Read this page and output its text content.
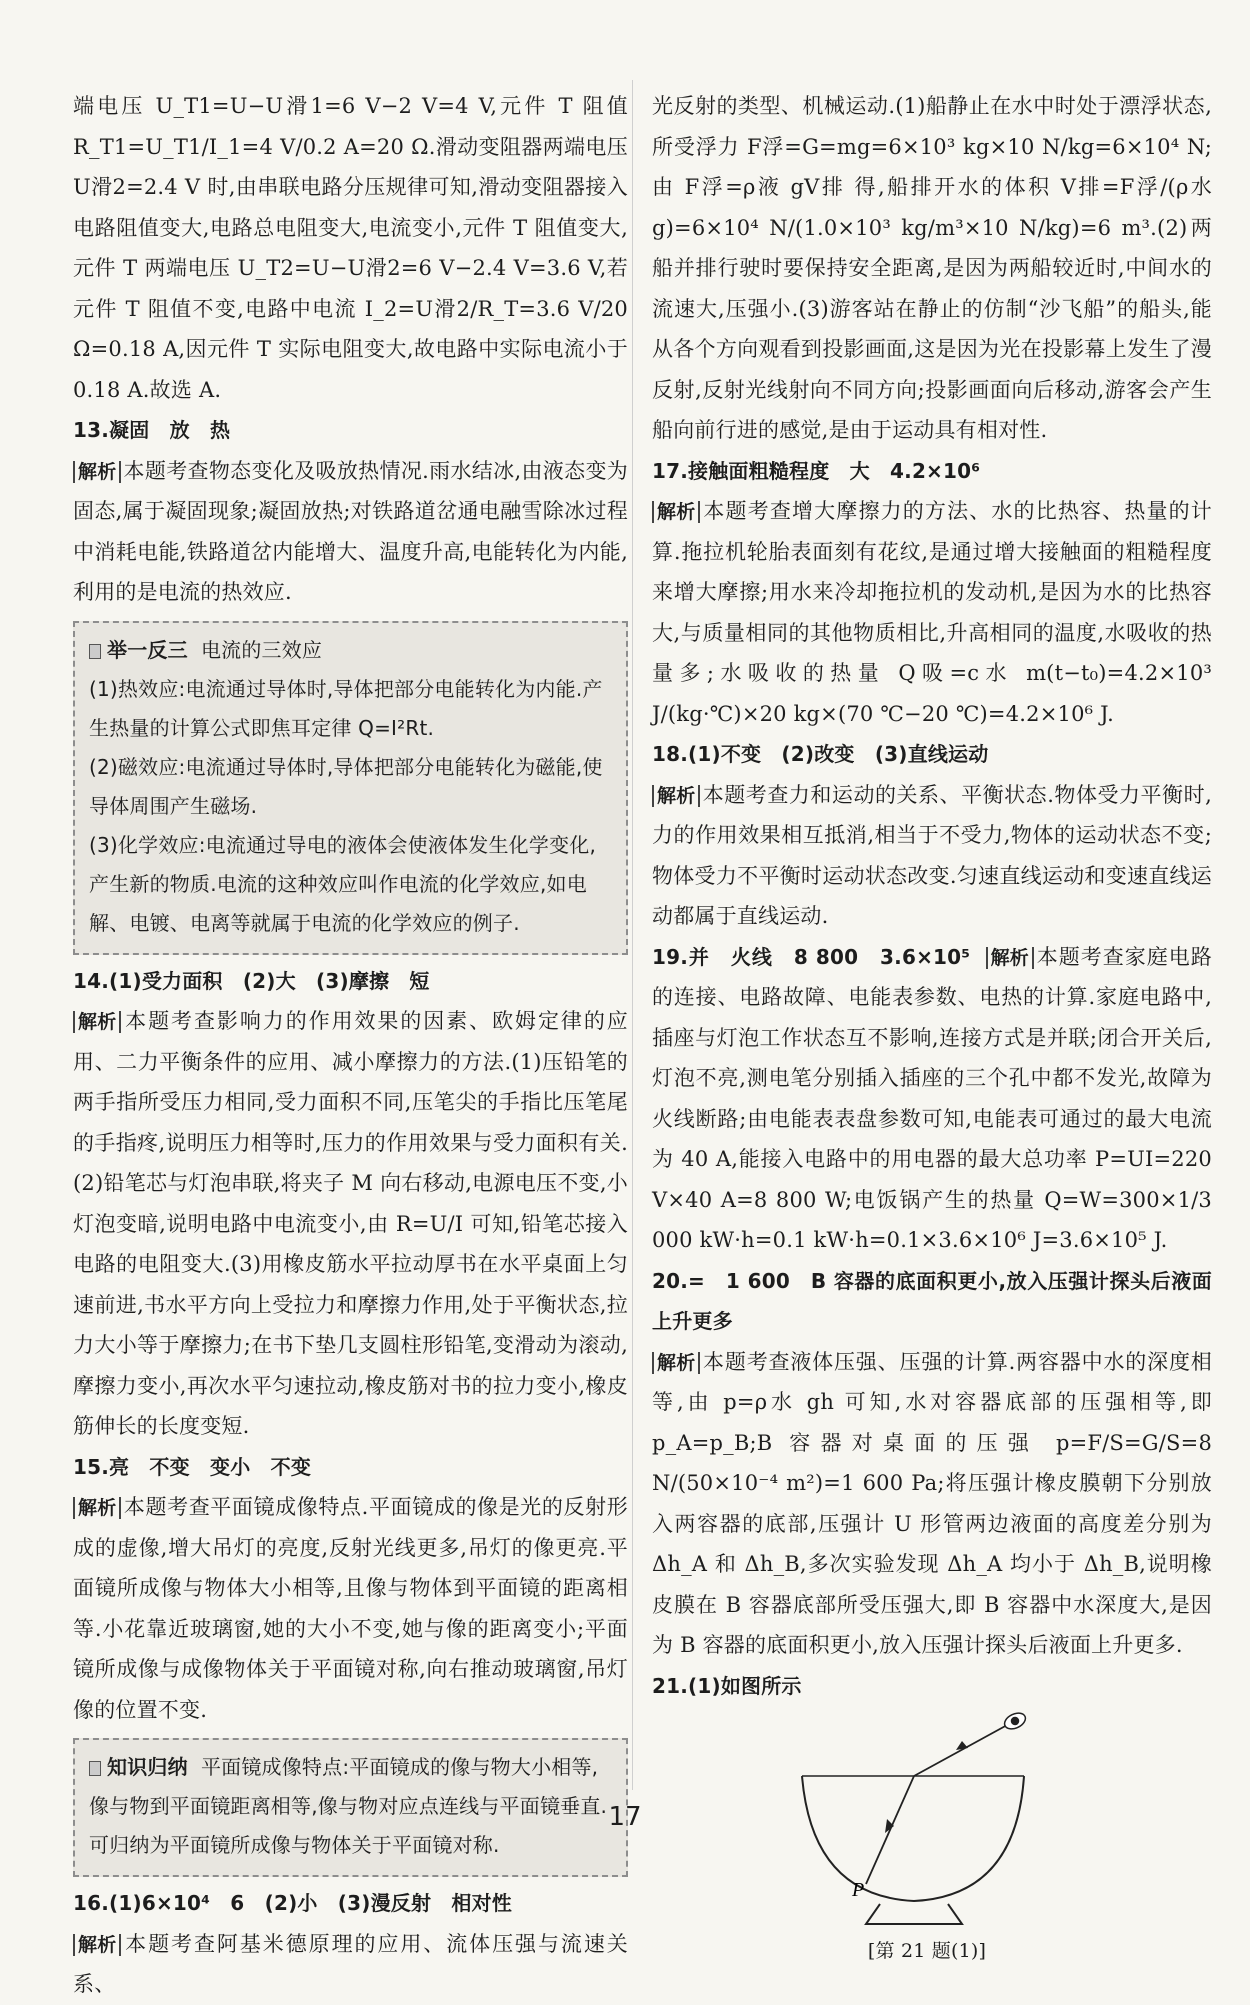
端电压 U_T1=U−U滑1=6 V−2 V=4 V,元件 T 阻值 R_T1=U_T1/I_1=4 V/0.2 A=20 Ω.滑动变阻器两端电压 U滑2=2.4 V 时,由串联电路分压规律可知,滑动变阻器接入电路阻值变大,电路总电阻变大,电流变小,元件 T 阻值变大,元件 T 两端电压 U_T2=U−U滑2=6 V−2.4 V=3.6 V,若元件 T 阻值不变,电路中电流 I_2=U滑2/R_T=3.6 V/20 Ω=0.18 A,因元件 T 实际电阻变大,故电路中实际电流小于 0.18 A.故选 A.

13.凝固　放　热

解析 本题考查物态变化及吸放热情况.雨水结冰,由液态变为固态,属于凝固现象;凝固放热;对铁路道岔通电融雪除冰过程中消耗电能,铁路道岔内能增大、温度升高,电能转化为内能,利用的是电流的热效应.

举一反三 电流的三效应
(1)热效应:电流通过导体时,导体把部分电能转化为内能.产生热量的计算公式即焦耳定律 Q=I²Rt.
(2)磁效应:电流通过导体时,导体把部分电能转化为磁能,使导体周围产生磁场.
(3)化学效应:电流通过导电的液体会使液体发生化学变化,产生新的物质.电流的这种效应叫作电流的化学效应,如电解、电镀、电离等就属于电流的化学效应的例子.

14.(1)受力面积　(2)大　(3)摩擦　短

解析 本题考查影响力的作用效果的因素、欧姆定律的应用、二力平衡条件的应用、减小摩擦力的方法.(1)压铅笔的两手指所受压力相同,受力面积不同,压笔尖的手指比压笔尾的手指疼,说明压力相等时,压力的作用效果与受力面积有关.(2)铅笔芯与灯泡串联,将夹子 M 向右移动,电源电压不变,小灯泡变暗,说明电路中电流变小,由 R=U/I 可知,铅笔芯接入电路的电阻变大.(3)用橡皮筋水平拉动厚书在水平桌面上匀速前进,书水平方向上受拉力和摩擦力作用,处于平衡状态,拉力大小等于摩擦力;在书下垫几支圆柱形铅笔,变滑动为滚动,摩擦力变小,再次水平匀速拉动,橡皮筋对书的拉力变小,橡皮筋伸长的长度变短.

15.亮　不变　变小　不变

解析 本题考查平面镜成像特点.平面镜成的像是光的反射形成的虚像,增大吊灯的亮度,反射光线更多,吊灯的像更亮.平面镜所成像与物体大小相等,且像与物体到平面镜的距离相等.小花靠近玻璃窗,她的大小不变,她与像的距离变小;平面镜所成像与成像物体关于平面镜对称,向右推动玻璃窗,吊灯像的位置不变.

知识归纳 平面镜成像特点:平面镜成的像与物大小相等,像与物到平面镜距离相等,像与物对应点连线与平面镜垂直.可归纳为平面镜所成像与物体关于平面镜对称.

16.(1)6×10⁴　6　(2)小　(3)漫反射　相对性

解析 本题考查阿基米德原理的应用、流体压强与流速关系、

光反射的类型、机械运动.(1)船静止在水中时处于漂浮状态,所受浮力 F浮=G=mg=6×10³ kg×10 N/kg=6×10⁴ N;由 F浮=ρ液 gV排 得,船排开水的体积 V排=F浮/(ρ水 g)=6×10⁴ N/(1.0×10³ kg/m³×10 N/kg)=6 m³.(2)两船并排行驶时要保持安全距离,是因为两船较近时,中间水的流速大,压强小.(3)游客站在静止的仿制“沙飞船”的船头,能从各个方向观看到投影画面,这是因为光在投影幕上发生了漫反射,反射光线射向不同方向;投影画面向后移动,游客会产生船向前行进的感觉,是由于运动具有相对性.

17.接触面粗糙程度　大　4.2×10⁶

解析 本题考查增大摩擦力的方法、水的比热容、热量的计算.拖拉机轮胎表面刻有花纹,是通过增大接触面的粗糙程度来增大摩擦;用水来冷却拖拉机的发动机,是因为水的比热容大,与质量相同的其他物质相比,升高相同的温度,水吸收的热量多;水吸收的热量 Q吸=c水 m(t−t₀)=4.2×10³ J/(kg·℃)×20 kg×(70 ℃−20 ℃)=4.2×10⁶ J.

18.(1)不变　(2)改变　(3)直线运动

解析 本题考查力和运动的关系、平衡状态.物体受力平衡时,力的作用效果相互抵消,相当于不受力,物体的运动状态不变;物体受力不平衡时运动状态改变.匀速直线运动和变速直线运动都属于直线运动.

19.并　火线　8 800　3.6×10⁵ 解析 本题考查家庭电路的连接、电路故障、电能表参数、电热的计算.家庭电路中,插座与灯泡工作状态互不影响,连接方式是并联;闭合开关后,灯泡不亮,测电笔分别插入插座的三个孔中都不发光,故障为火线断路;由电能表表盘参数可知,电能表可通过的最大电流为 40 A,能接入电路中的用电器的最大总功率 P=UI=220 V×40 A=8 800 W;电饭锅产生的热量 Q=W=300×1/3 000 kW·h=0.1 kW·h=0.1×3.6×10⁶ J=3.6×10⁵ J.

20.=　1 600　B 容器的底面积更小,放入压强计探头后液面上升更多

解析 本题考查液体压强、压强的计算.两容器中水的深度相等,由 p=ρ水 gh 可知,水对容器底部的压强相等,即 p_A=p_B;B 容器对桌面的压强 p=F/S=G/S=8 N/(50×10⁻⁴ m²)=1 600 Pa;将压强计橡皮膜朝下分别放入两容器的底部,压强计 U 形管两边液面的高度差分别为 Δh_A 和 Δh_B,多次实验发现 Δh_A 均小于 Δh_B,说明橡皮膜在 B 容器底部所受压强大,即 B 容器中水深度大,是因为 B 容器的底面积更小,放入压强计探头后液面上升更多.

21.(1)如图所示

P
[第 21 题(1)]
17
